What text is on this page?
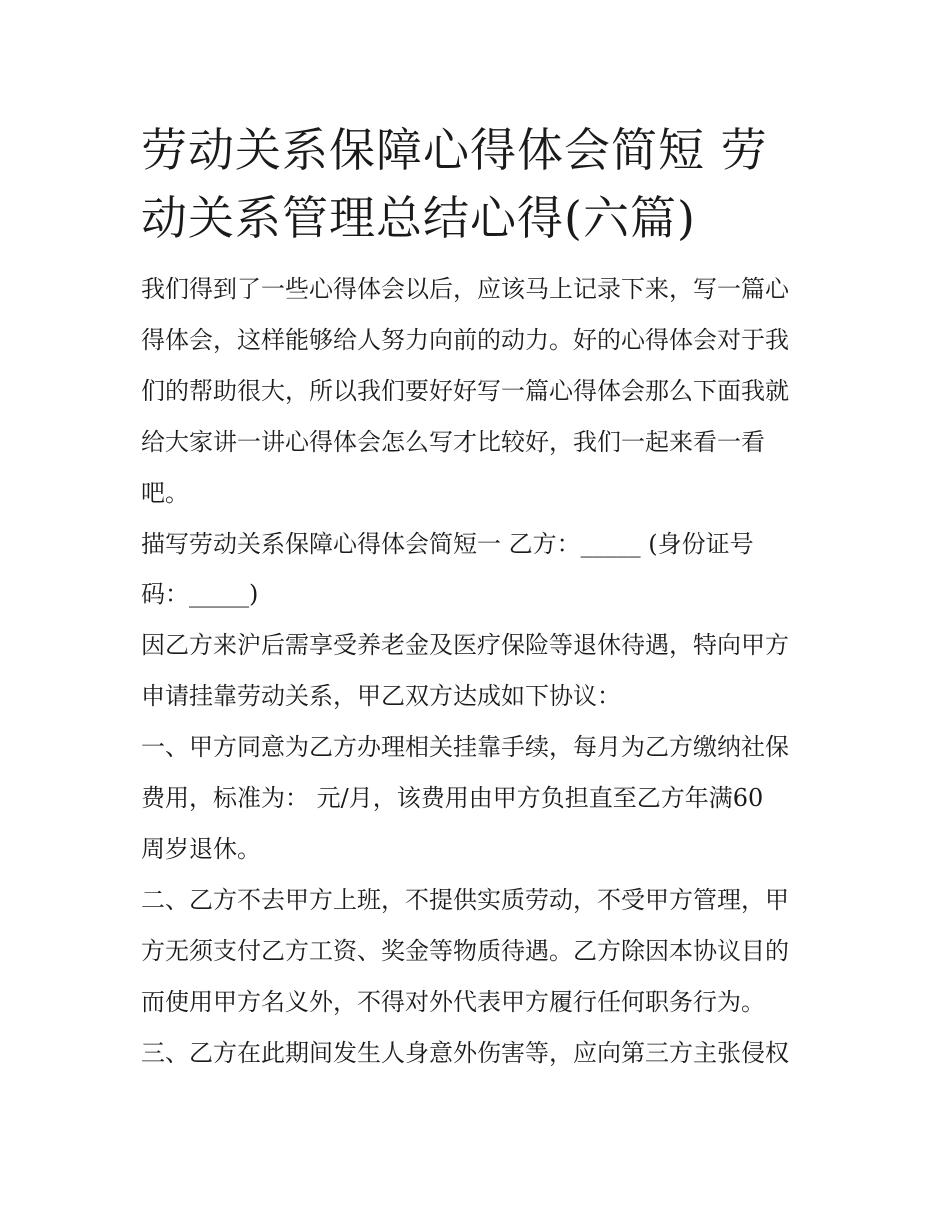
劳动关系保障心得体会简短 劳
动关系管理总结心得(六篇)

我们得到了一些心得体会以后，应该马上记录下来，写一篇心
得体会，这样能够给人努力向前的动力。好的心得体会对于我
们的帮助很大，所以我们要好好写一篇心得体会那么下面我就
给大家讲一讲心得体会怎么写才比较好，我们一起来看一看
吧。

描写劳动关系保障心得体会简短一 乙方：_____ (身份证号
码：_____)

因乙方来沪后需享受养老金及医疗保险等退休待遇，特向甲方
申请挂靠劳动关系，甲乙双方达成如下协议：

一、甲方同意为乙方办理相关挂靠手续，每月为乙方缴纳社保
费用，标准为： 元/月，该费用由甲方负担直至乙方年满60
周岁退休。

二、乙方不去甲方上班，不提供实质劳动，不受甲方管理，甲
方无须支付乙方工资、奖金等物质待遇。乙方除因本协议目的
而使用甲方名义外，不得对外代表甲方履行任何职务行为。

三、乙方在此期间发生人身意外伤害等，应向第三方主张侵权
